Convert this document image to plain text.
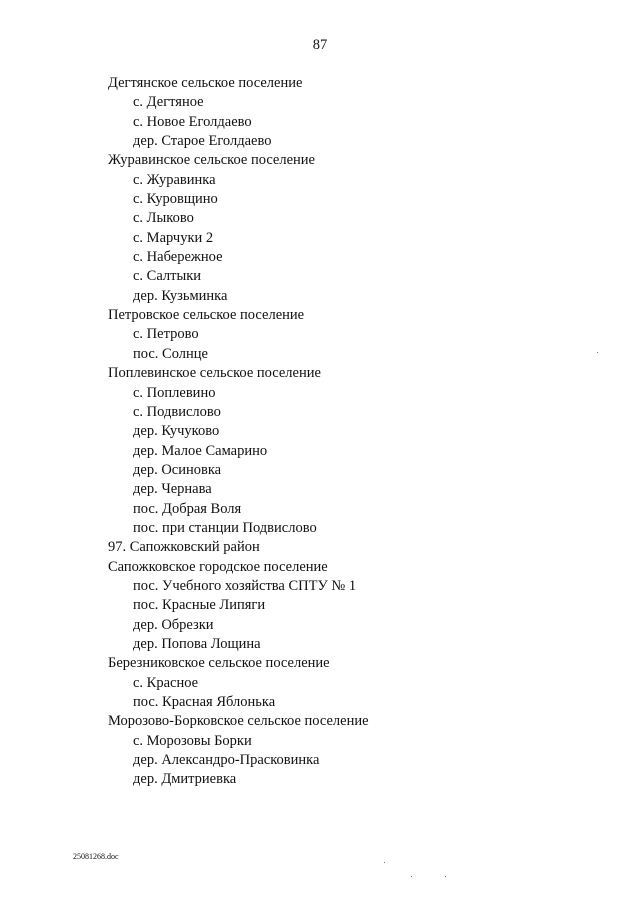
87
Дегтянское сельское поселение
с. Дегтяное
с. Новое Еголдаево
дер. Старое Еголдаево
Журавинское сельское поселение
с. Журавинка
с. Куровщино
с. Лыково
с. Марчуки 2
с. Набережное
с. Салтыки
дер. Кузьминка
Петровское сельское поселение
с. Петрово
пос. Солнце
Поплевинское сельское поселение
с. Поплевино
с. Подвислово
дер. Кучуково
дер. Малое Самарино
дер. Осиновка
дер. Чернава
пос. Добрая Воля
пос. при станции Подвислово
97. Сапожковский район
Сапожковское городское поселение
пос. Учебного хозяйства СПТУ № 1
пос. Красные Липяги
дер. Обрезки
дер. Попова Лощина
Березниковское сельское поселение
с. Красное
пос. Красная Яблонька
Морозово-Борковское сельское поселение
с. Морозовы Борки
дер. Александро-Прасковинка
дер. Дмитриевка
25081268.doc
